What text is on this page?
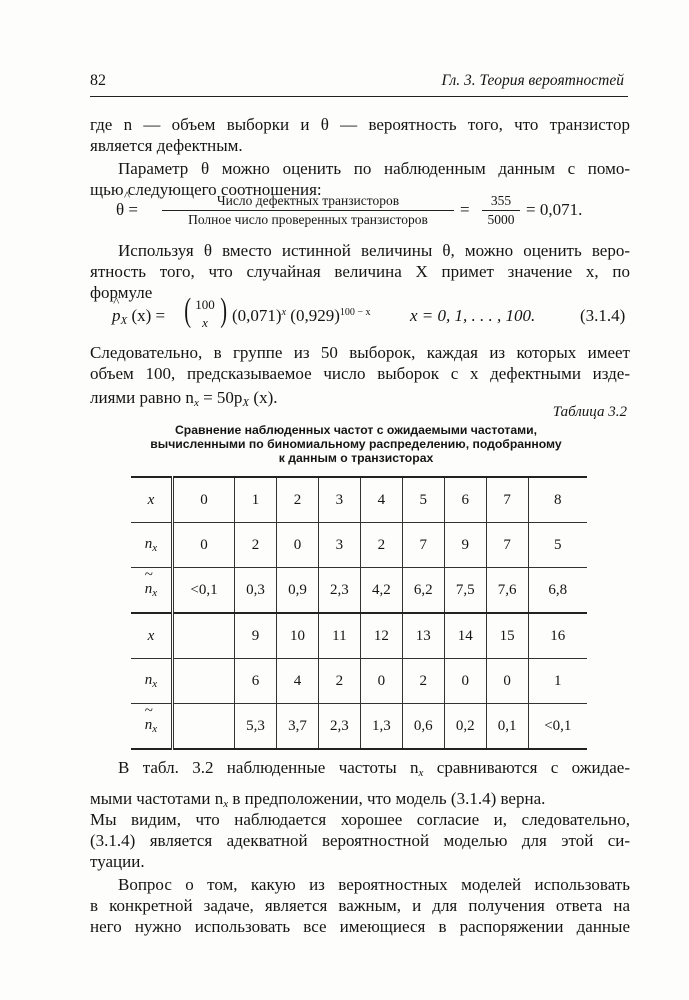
82	Гл. 3. Теория вероятностей
где n — объем выборки и θ — вероятность того, что транзистор
является дефектным.
Параметр θ можно оценить по наблюденным данным с помо-
щью следующего соотношения:
^ θ =	Число дефектных транзисторов
Полное число проверенных транзисторов
= $\frac{355}{5000} = 0,071$.
Используя θ вместо истинной величины θ, можно оценить веро-
ятность того, что случайная величина X примет значение x, по
формуле
^ $p_X$ (x) = ( 100
x ) $(0,071)^x$ $(0,929)^{100 - x}$ x = 0, 1, . . . , 100.	(3.1.4)
Следовательно, в группе из 50 выборок, каждая из которых имеет
объем 100, предсказываемое число выборок с x дефектными изде-
лиями равно $n_x = 50p_X$ (x).
Таблица 3.2
Сравнение наблюденных частот с ожидаемыми частотами,
вычисленными по биномиальному распределению, подобранному
к данным о транзисторах
x	0	1	2	3	4	5	6	7	8
$n_x$	0	2	0	3	2	7	9	7	5
~ $n_x$	<0,1	0,3	0,9	2,3	4,2	6,2	7,5	7,6	6,8
x		9	10	11	12	13	14	15	16
$n_x$		6	4	2	0	2	0	0	1
~ $n_x$		5,3	3,7	2,3	1,3	0,6	0,2	0,1	<0,1
В табл. 3.2 наблюденные частоты $n_x$ сравниваются с ожидае-
мыми частотами $n_x$ в предположении, что модель (3.1.4) верна.
Мы видим, что наблюдается хорошее согласие и, следовательно,
(3.1.4) является адекватной вероятностной моделью для этой си-
туации.
Вопрос о том, какую из вероятностных моделей использовать
в конкретной задаче, является важным, и для получения ответа на
него нужно использовать все имеющиеся в распоряжении данные
